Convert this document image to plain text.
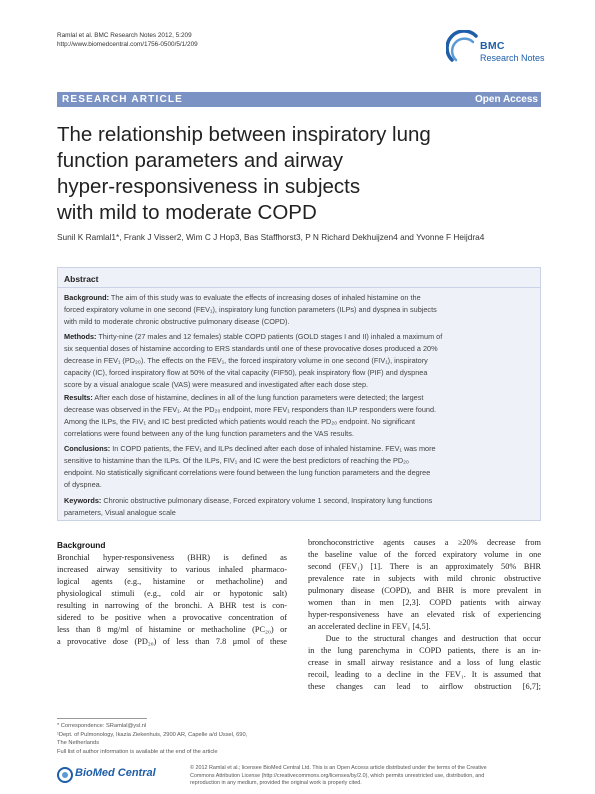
Ramlal et al. BMC Research Notes 2012, 5:209
http://www.biomedcentral.com/1756-0500/5/1/209	BMC
Research Notes
RESEARCH ARTICLE	Open Access
The relationship between inspiratory lung
function parameters and airway
hyper-responsiveness in subjects
with mild to moderate COPD
Sunil K Ramlal1*, Frank J Visser2, Wim C J Hop3, Bas Staffhorst3, P N Richard Dekhuijzen4 and Yvonne F Heijdra4
Abstract
Background: The aim of this study was to evaluate the effects of increasing doses of inhaled histamine on the
forced expiratory volume in one second (FEV₁), inspiratory lung function parameters (ILPs) and dyspnea in subjects
with mild to moderate chronic obstructive pulmonary disease (COPD).
Methods: Thirty-nine (27 males and 12 females) stable COPD patients (GOLD stages I and II) inhaled a maximum of
six sequential doses of histamine according to ERS standards until one of these provocative doses produced a 20%
decrease in FEV₁ (PD₂₀). The effects on the FEV₁, the forced inspiratory volume in one second (FIV₁), inspiratory
capacity (IC), forced inspiratory flow at 50% of the vital capacity (FIF50), peak inspiratory flow (PIF) and dyspnea
score by a visual analogue scale (VAS) were measured and investigated after each dose step.
Results: After each dose of histamine, declines in all of the lung function parameters were detected; the largest
decrease was observed in the FEV₁. At the PD₂₀ endpoint, more FEV₁ responders than ILP responders were found.
Among the ILPs, the FIV₁ and IC best predicted which patients would reach the PD₂₀ endpoint. No significant
correlations were found between any of the lung function parameters and the VAS results.
Conclusions: In COPD patients, the FEV₁ and ILPs declined after each dose of inhaled histamine. FEV₁ was more
sensitive to histamine than the ILPs. Of the ILPs, FIV₁ and IC were the best predictors of reaching the PD₂₀
endpoint. No statistically significant correlations were found between the lung function parameters and the degree
of dyspnea.
Keywords: Chronic obstructive pulmonary disease, Forced expiratory volume 1 second, Inspiratory lung functions
parameters, Visual analogue scale
Background
Bronchial hyper-responsiveness (BHR) is defined as
increased airway sensitivity to various inhaled pharmaco-
logical agents (e.g., histamine or methacholine) and
physiological stimuli (e.g., cold air or hypotonic salt)
resulting in narrowing of the bronchi. A BHR test is con-
sidered to be positive when a provocative concentration of
less than 8 mg/ml of histamine or methacholine (PC₂₀) or
a provocative dose (PD₂₀) of less than 7.8 μmol of these
bronchoconstrictive agents causes a ≥20% decrease from
the baseline value of the forced expiratory volume in one
second (FEV₁) [1]. There is an approximately 50% BHR
prevalence rate in subjects with mild chronic obstructive
pulmonary disease (COPD), and BHR is more prevalent in
women than in men [2,3]. COPD patients with airway
hyper-responsiveness have an elevated risk of experiencing
an accelerated decline in FEV₁ [4,5].
Due to the structural changes and destruction that occur
in the lung parenchyma in COPD patients, there is an in-
crease in small airway resistance and a loss of lung elastic
recoil, leading to a decline in the FEV₁. It is assumed that
these changes can lead to airflow obstruction [6,7];
* Correspondence: SRamlal@ysl.nl
¹Dept. of Pulmonology, Ikazia Ziekenhuis, 2900 AR, Capelle a/d IJssel, 690,
The Netherlands
Full list of author information is available at the end of the article
BioMed Central	© 2012 Ramlal et al.; licensee BioMed Central Ltd. This is an Open Access article distributed under the terms of the Creative
Commons Attribution License (http://creativecommons.org/licenses/by/2.0), which permits unrestricted use, distribution, and
reproduction in any medium, provided the original work is properly cited.
